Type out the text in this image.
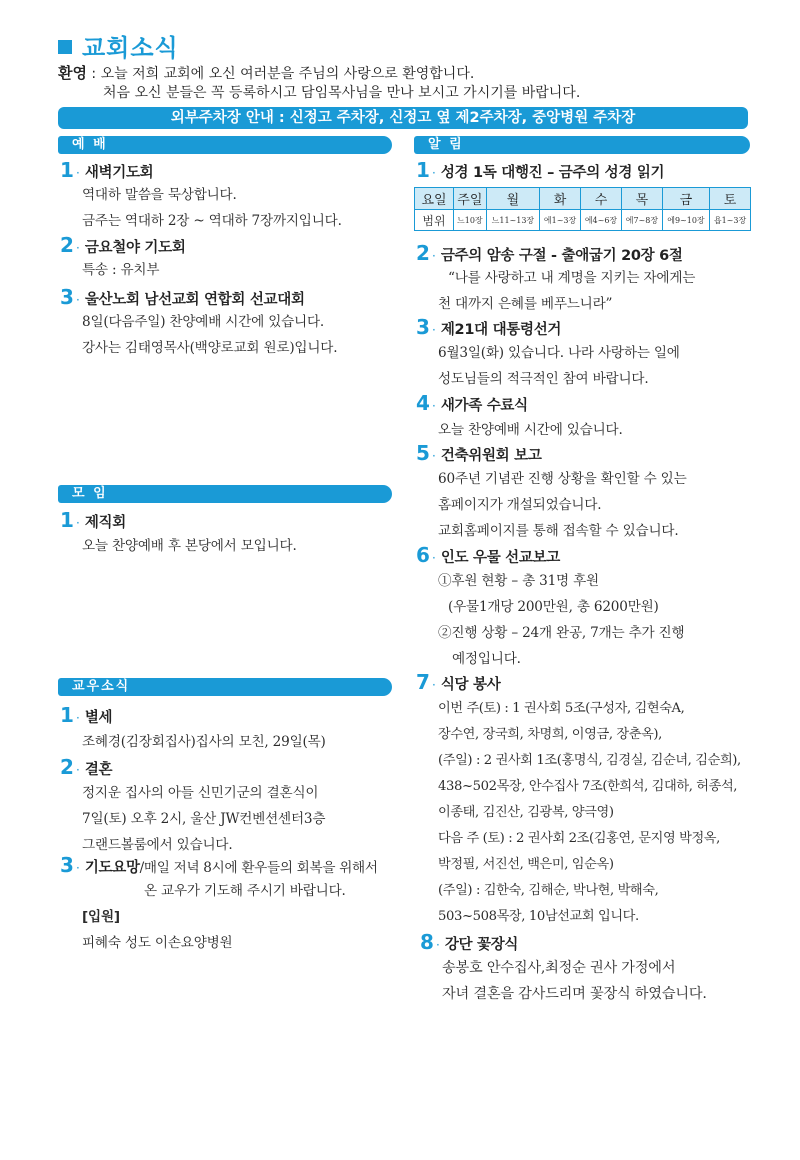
교회소식
환영 : 오늘 저희 교회에 오신 여러분을 주님의 사랑으로 환영합니다.
처음 오신 분들은 꼭 등록하시고 담임목사님을 만나 보시고 가시기를 바랍니다.
외부주차장 안내 : 신정고 주차장, 신정고 옆 제2주차장, 중앙병원 주차장
예 배
1 · 새벽기도회
역대하 말씀을 묵상합니다.
금주는 역대하 2장 ~ 역대하 7장까지입니다.
2 · 금요철야 기도회
특송 : 유치부
3 · 울산노회 남선교회 연합회 선교대회
8일(다음주일) 찬양예배 시간에 있습니다.
강사는 김태영목사(백양로교회 원로)입니다.
모 임
1 · 제직회
오늘 찬양예배 후 본당에서 모입니다.
교우소식
1 · 별세
조혜경(김장회집사)집사의 모친, 29일(목)
2 · 결혼
정지운 집사의 아들 신민기군의 결혼식이
7일(토) 오후 2시, 울산 JW컨벤션센터3층
그랜드볼룸에서 있습니다.
3 · 기도요망/매일 저녁 8시에 환우들의 회복을 위해서
온 교우가 기도해 주시기 바랍니다.
[입원]
피혜숙 성도 이손요양병원
알 림
1 · 성경 1독 대행진 – 금주의 성경 읽기
요일	주일	월	화	수	목	금	토
범위	느10장	느11~13장	에1~3장	에4~6장	에7~8장	에9~10장	욥1~3장
2 · 금주의 암송 구절 - 출애굽기 20장 6절
“나를 사랑하고 내 계명을 지키는 자에게는
천 대까지 은혜를 베푸느니라”
3 · 제21대 대통령선거
6월3일(화) 있습니다. 나라 사랑하는 일에
성도님들의 적극적인 참여 바랍니다.
4 · 새가족 수료식
오늘 찬양예배 시간에 있습니다.
5 · 건축위원회 보고
60주년 기념관 진행 상황을 확인할 수 있는
홈페이지가 개설되었습니다.
교회홈페이지를 통해 접속할 수 있습니다.
6 · 인도 우물 선교보고
①후원 현황 – 총 31명 후원
(우물1개당 200만원, 총 6200만원)
②진행 상황 – 24개 완공, 7개는 추가 진행
예정입니다.
7 · 식당 봉사
이번 주(토) : 1 권사회 5조(구성자, 김현숙A,
장수연, 장국희, 차명희, 이영금, 장춘옥),
(주일) : 2 권사회 1조(홍명식, 김경실, 김순녀, 김순희),
438~502목장, 안수집사 7조(한희석, 김대하, 허종석,
이종태, 김진산, 김광복, 양극영)
다음 주 (토) : 2 권사회 2조(김홍연, 문지영 박정옥,
박정필, 서진선, 백은미, 임순옥)
(주일) : 김한숙, 김해순, 박나현, 박해숙,
503~508목장, 10남선교회 입니다.
8 · 강단 꽃장식
송봉호 안수집사,최정순 권사 가정에서
자녀 결혼을 감사드리며 꽃장식 하였습니다.
